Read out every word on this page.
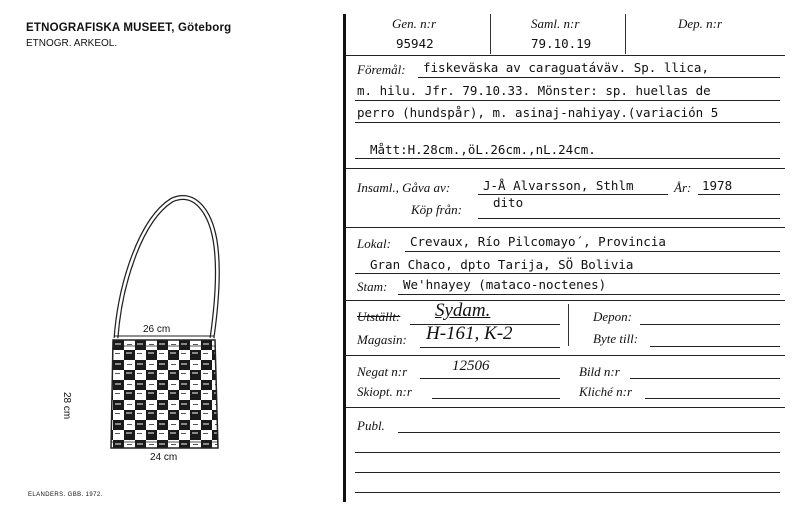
ETNOGRAFISKA MUSEET, Göteborg
ETNOGR. ARKEOL.
26 cm
28 cm
24 cm
ELANDERS. GBB. 1972.
Gen. n:r
95942
Saml. n:r
79.10.19
Dep. n:r
Föremål: fiskeväska av caraguatáväv. Sp. llica,
m. hilu. Jfr. 79.10.33. Mönster: sp. huellas de
perro (hundspår), m. asinaj-nahiyay.(variación 5
Mått:H.28cm.,öL.26cm.,nL.24cm.
Insaml., Gåva av:	J-Å Alvarsson, Sthlm	År: 1978
Köp från: dito
Lokal: Crevaux, Río Pilcomayo´, Provincia
Gran Chaco, dpto Tarija, SÖ Bolivia
Stam: We'hnayey (mataco-noctenes)
Utställt: Sydam.
Magasin: H-161, K-2
Depon:
Byte till:
Negat n:r	12506	Bild n:r
Skiopt. n:r	Kliché n:r
Publ.
